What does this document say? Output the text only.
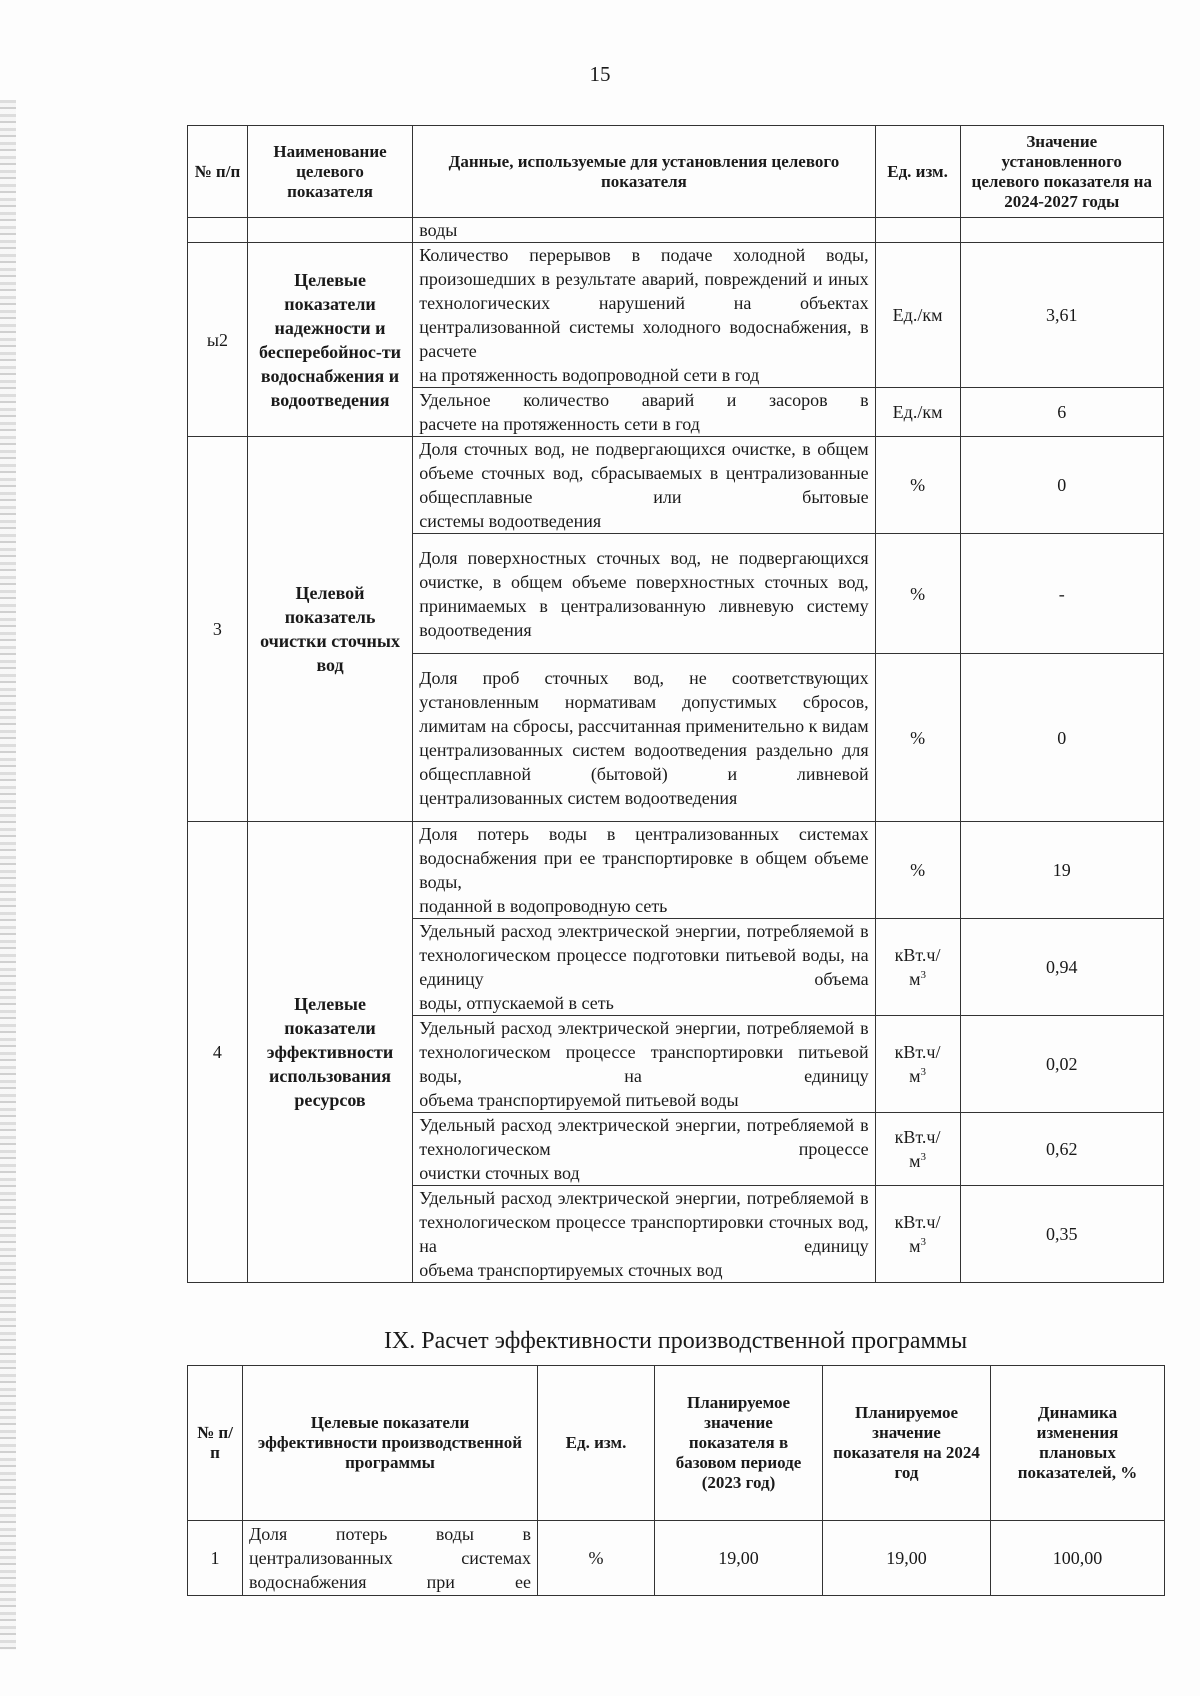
15
№ п/п	Наименование целевого показателя	Данные, используемые для установления целевого показателя	Ед. изм.	Значение установленного целевого показателя на 2024-2027 годы
		воды		
ы2	Целевые показатели надежности и бесперебойнос-ти водоснабжения и водоотведения	Количество перерывов в подаче холодной воды, произошедших в результате аварий, повреждений и иных технологических нарушений на объектах централизованной системы холодного водоснабжения, в расчете
на протяженность водопроводной сети в год	Ед./км	3,61

		Удельное количество аварий и засоров в
расчете на протяженность сети в год	Ед./км	6
3	Целевой показатель очистки сточных вод	Доля сточных вод, не подвергающихся очистке, в общем объеме сточных вод, сбрасываемых в централизованные общесплавные или бытовые
системы водоотведения	%	0

		Доля поверхностных сточных вод, не подвергающихся очистке, в общем объеме поверхностных сточных вод, принимаемых в централизованную ливневую систему
водоотведения	%	-

		Доля проб сточных вод, не соответствующих установленным нормативам допустимых сбросов, лимитам на сбросы, рассчитанная применительно к видам централизованных систем водоотведения раздельно для общесплавной (бытовой) и ливневой
централизованных систем водоотведения	%	0
4	Целевые показатели эффективности использования ресурсов	Доля потерь воды в централизованных системах водоснабжения при ее транспортировке в общем объеме воды,
поданной в водопроводную сеть	%	19

		Удельный расход электрической энергии, потребляемой в технологическом процессе подготовки питьевой воды, на единицу объема
воды, отпускаемой в сеть	кВт.ч/
$м^3$	0,94

		Удельный расход электрической энергии, потребляемой в технологическом процессе транспортировки питьевой воды, на единицу
объема транспортируемой питьевой воды	кВт.ч/
$м^3$	0,02

		Удельный расход электрической энергии, потребляемой в технологическом процессе
очистки сточных вод	кВт.ч/
$м^3$	0,62

		Удельный расход электрической энергии, потребляемой в технологическом процессе транспортировки сточных вод, на единицу
объема транспортируемых сточных вод	кВт.ч/
$м^3$	0,35
IX. Расчет эффективности производственной программы
№ п/п	Целевые показатели эффективности производственной программы	Ед. изм.	Планируемое значение показателя в базовом периоде (2023 год)	Планируемое значение показателя на 2024 год	Динамика изменения плановых показателей, %
1	Доля потерь воды в централизованных системах водоснабжения при ее	%	19,00	19,00	100,00
